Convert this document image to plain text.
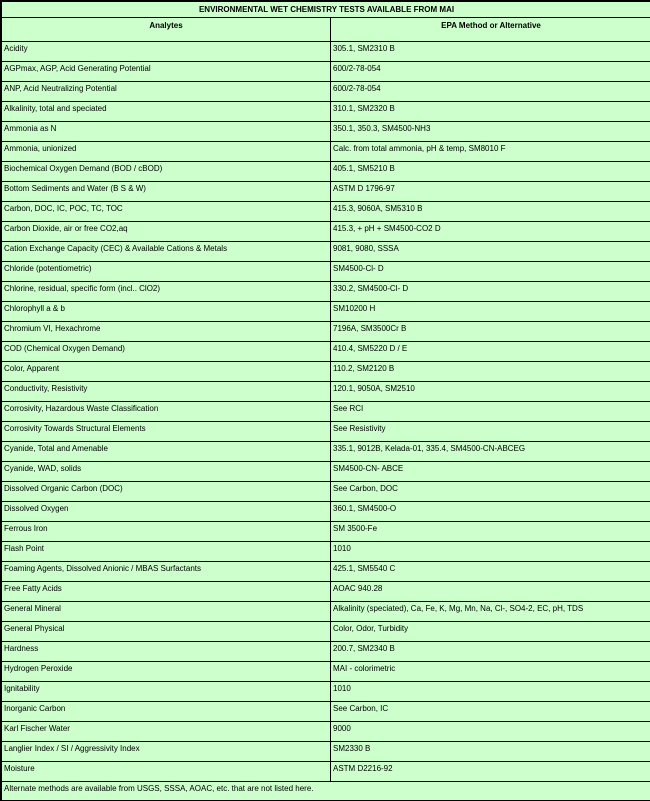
ENVIRONMENTAL WET CHEMISTRY TESTS AVAILABLE FROM MAI	
Analytes	EPA Method or Alternative
Acidity	305.1, SM2310 B
AGPmax, AGP, Acid Generating Potential	600/2-78-054
ANP, Acid Neutralizing Potential	600/2-78-054
Alkalinity, total and speciated	310.1, SM2320 B
Ammonia as N	350.1, 350.3, SM4500-NH3
Ammonia, unionized	Calc. from total ammonia, pH & temp, SM8010 F
Biochemical Oxygen Demand (BOD / cBOD)	405.1, SM5210 B
Bottom Sediments and Water (B S & W)	ASTM D 1796-97
Carbon, DOC, IC, POC, TC, TOC	415.3, 9060A, SM5310 B
Carbon Dioxide, air or free CO2,aq	415.3, + pH + SM4500-CO2 D
Cation Exchange Capacity (CEC) & Available Cations & Metals	9081, 9080, SSSA
Chloride (potentiometric)	SM4500-Cl- D
Chlorine, residual, specific form (incl.. ClO2)	330.2, SM4500-Cl- D
Chlorophyll a & b	SM10200 H
Chromium VI, Hexachrome	7196A, SM3500Cr B
COD (Chemical Oxygen Demand)	410.4, SM5220 D / E
Color, Apparent	110.2, SM2120 B
Conductivity, Resistivity	120.1, 9050A, SM2510
Corrosivity, Hazardous Waste Classification	See RCI
Corrosivity Towards Structural Elements	See Resistivity
Cyanide, Total and Amenable	335.1, 9012B, Kelada-01, 335.4, SM4500-CN-ABCEG
Cyanide, WAD, solids	SM4500-CN- ABCE
Dissolved Organic Carbon (DOC)	See Carbon, DOC
Dissolved Oxygen	360.1, SM4500-O
Ferrous Iron	SM 3500-Fe
Flash Point	1010
Foaming Agents, Dissolved Anionic / MBAS Surfactants	425.1, SM5540 C
Free Fatty Acids	AOAC 940.28
General Mineral	Alkalinity (speciated), Ca, Fe, K, Mg, Mn, Na, Cl-, SO4-2, EC, pH, TDS
General Physical	Color, Odor, Turbidity
Hardness	200.7, SM2340 B
Hydrogen Peroxide	MAI - colorimetric
Ignitability	1010
Inorganic Carbon	See Carbon, IC
Karl Fischer Water	9000
Langlier Index / SI / Aggressivity Index	SM2330 B
Moisture	ASTM D2216-92
Alternate methods are available from USGS, SSSA, AOAC, etc. that are not listed here.	
